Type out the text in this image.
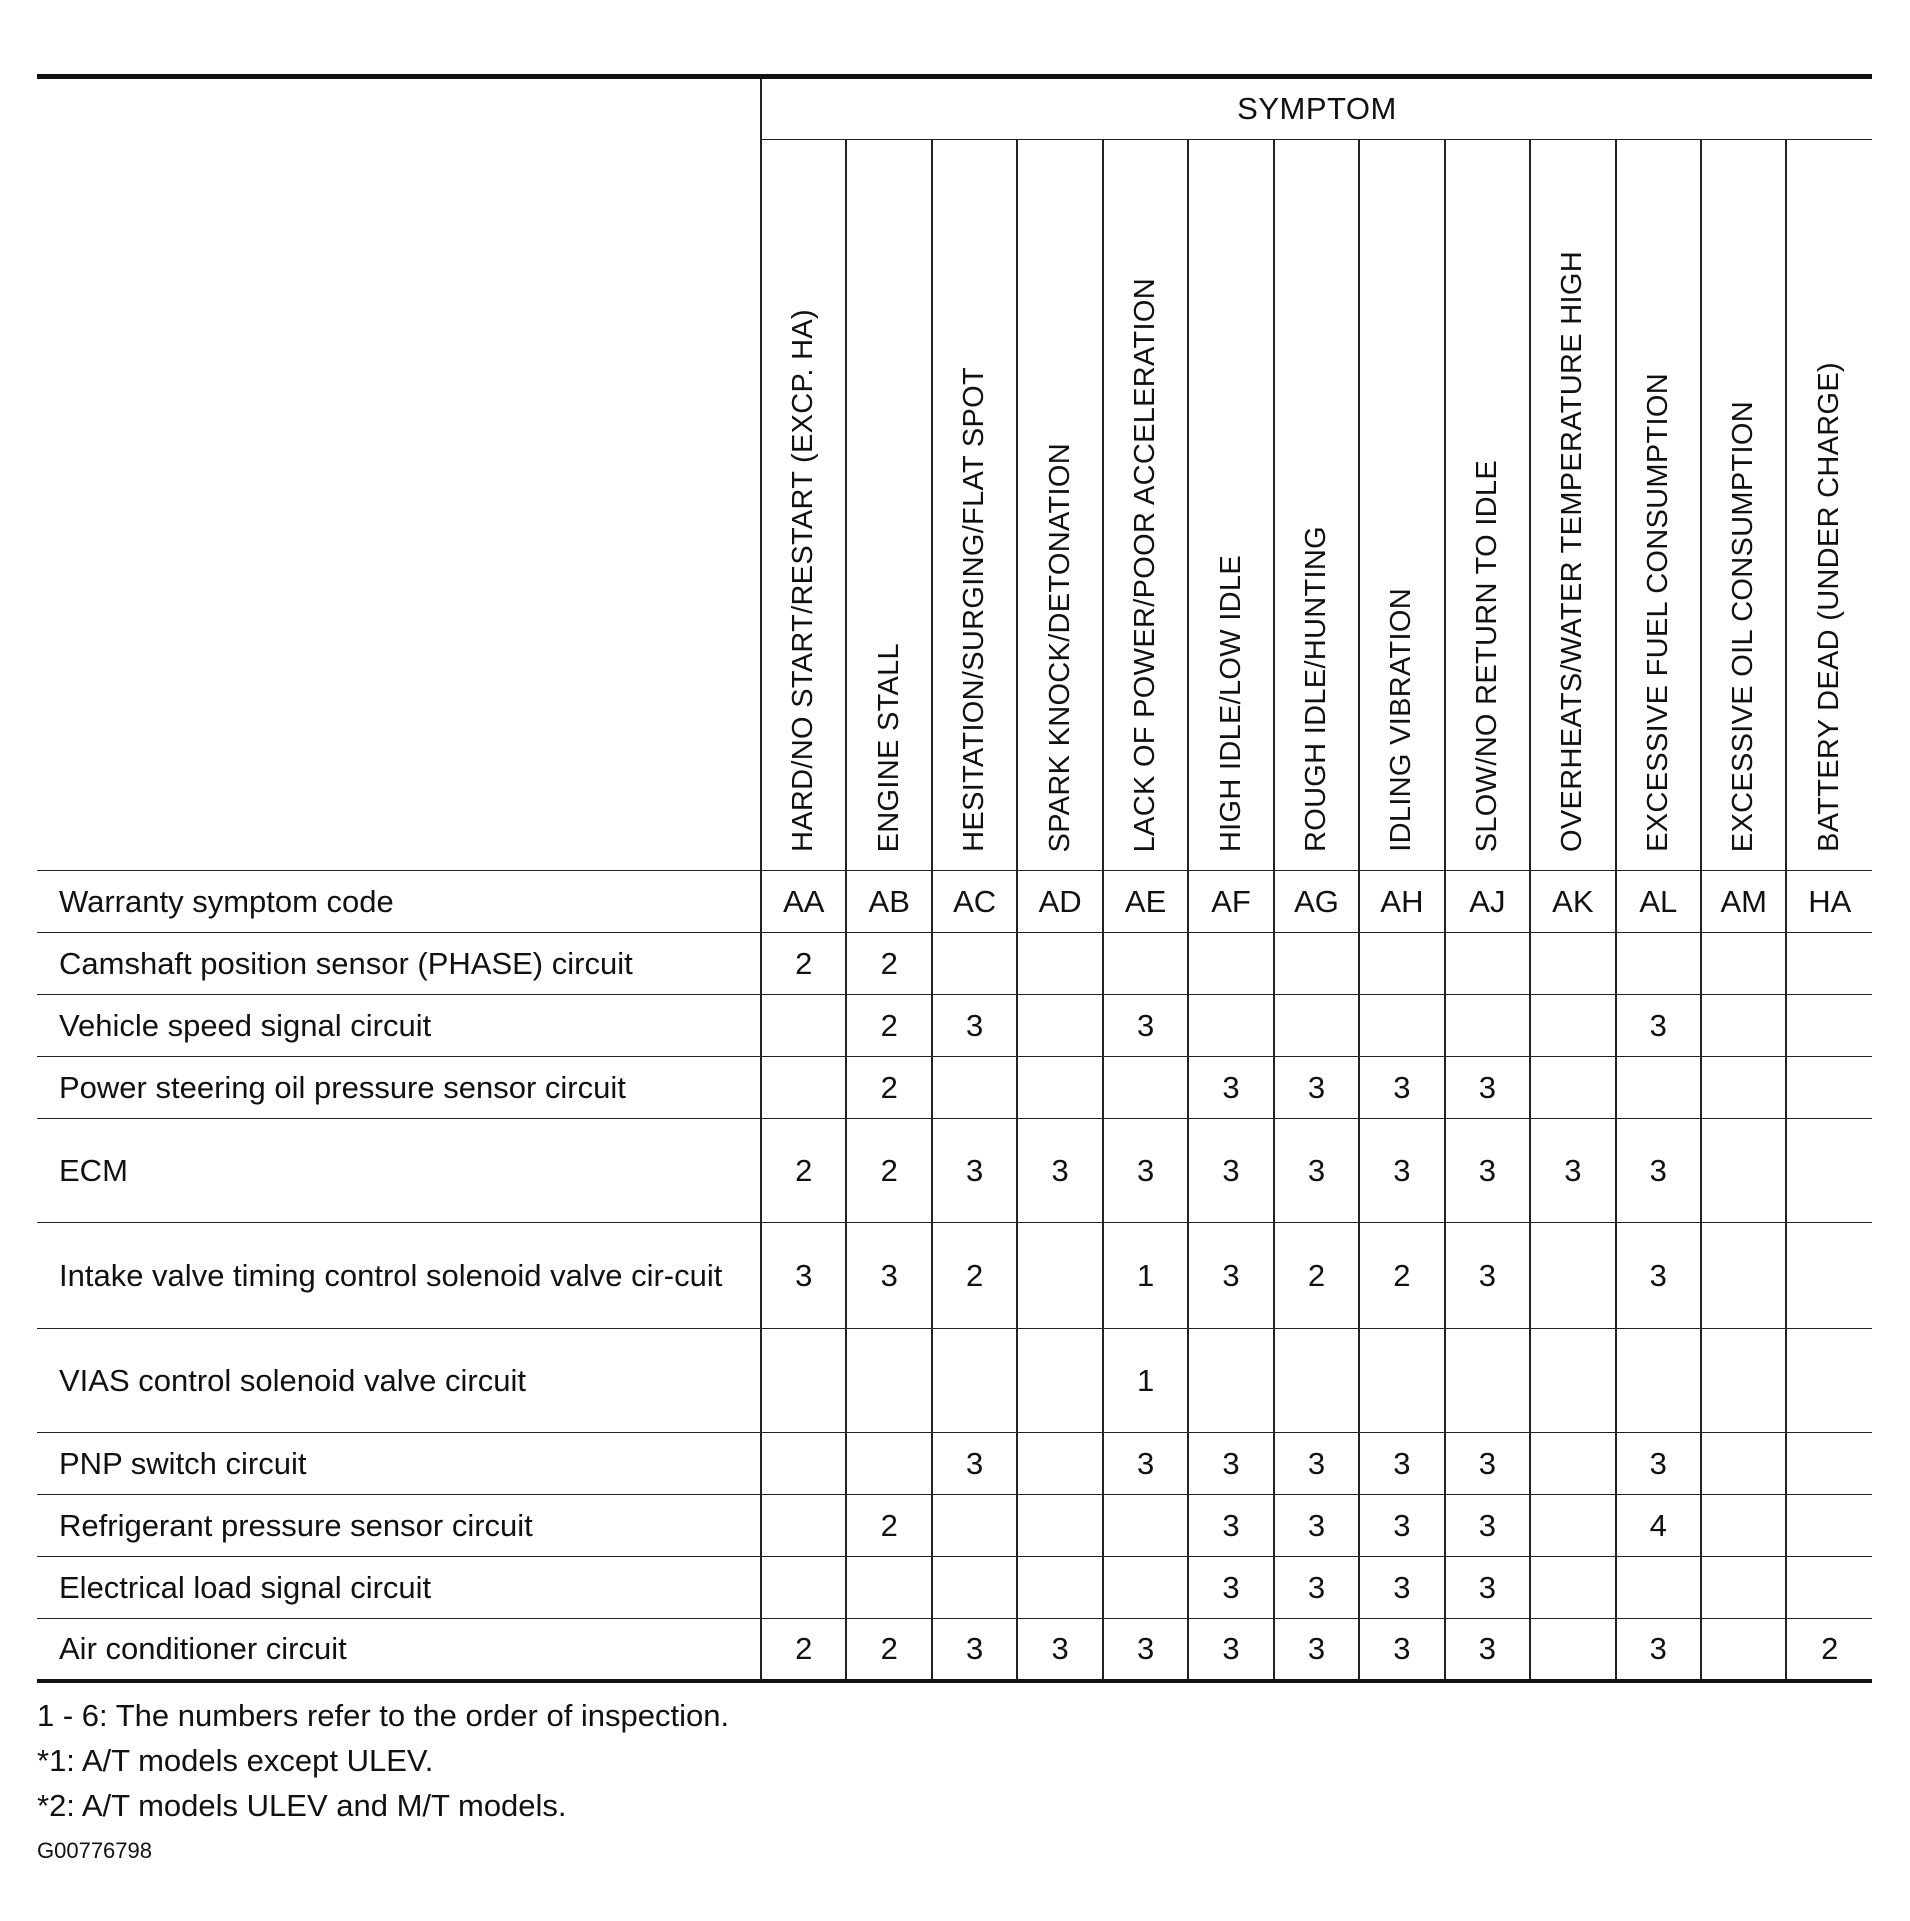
	SYMPTOM												

	HARD/NO START/RESTART (EXCP. HA)	ENGINE STALL	HESITATION/SURGING/FLAT SPOT	SPARK KNOCK/DETONATION	LACK OF POWER/POOR ACCELERATION	HIGH IDLE/LOW IDLE	ROUGH IDLE/HUNTING	IDLING VIBRATION	SLOW/NO RETURN TO IDLE	OVERHEATS/WATER TEMPERATURE HIGH	EXCESSIVE FUEL CONSUMPTION	EXCESSIVE OIL CONSUMPTION	BATTERY DEAD (UNDER CHARGE)

Warranty symptom code	AA	AB	AC	AD	AE	AF	AG	AH	AJ	AK	AL	AM	HA
Camshaft position sensor (PHASE) circuit	2	2											
Vehicle speed signal circuit		2	3		3						3		
Power steering oil pressure sensor circuit		2				3	3	3	3				
ECM	2	2	3	3	3	3	3	3	3	3	3		
Intake valve timing control solenoid valve cir-cuit	3	3	2		1	3	2	2	3		3		
VIAS control solenoid valve circuit					1								
PNP switch circuit			3		3	3	3	3	3		3		
Refrigerant pressure sensor circuit		2				3	3	3	3		4		
Electrical load signal circuit						3	3	3	3				
Air conditioner circuit	2	2	3	3	3	3	3	3	3		3		2
1 - 6: The numbers refer to the order of inspection.
*1: A/T models except ULEV.
*2: A/T models ULEV and M/T models.
G00776798
